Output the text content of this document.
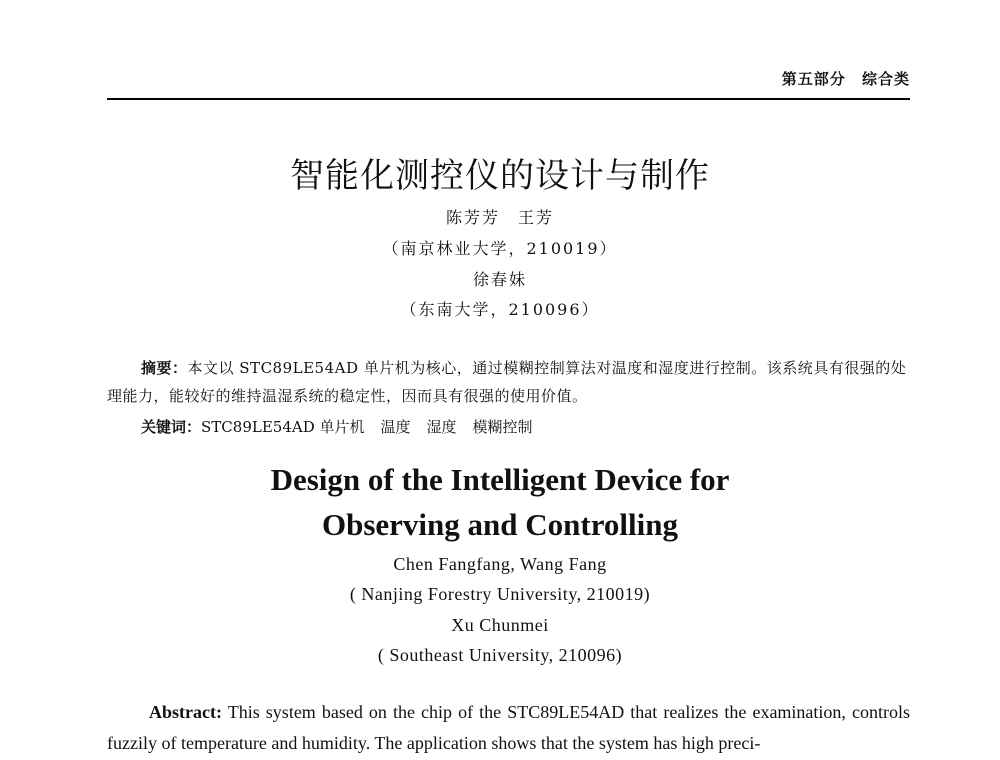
第五部分 综合类
智能化测控仪的设计与制作
陈芳芳　王芳
（南京林业大学，210019）
徐春妹
（东南大学，210096）
摘要：本文以 STC89LE54AD 单片机为核心，通过模糊控制算法对温度和湿度进行控制。该系统具有很强的处理能力，能较好的维持温湿系统的稳定性，因而具有很强的使用价值。
关键词：STC89LE54AD 单片机 温度 湿度 模糊控制
Design of the Intelligent Device for
Observing and Controlling
Chen Fangfang, Wang Fang
( Nanjing Forestry University, 210019)
Xu Chunmei
( Southeast University, 210096)
Abstract: This system based on the chip of the STC89LE54AD that realizes the examination, controls fuzzily of temperature and humidity. The application shows that the system has high preci-
